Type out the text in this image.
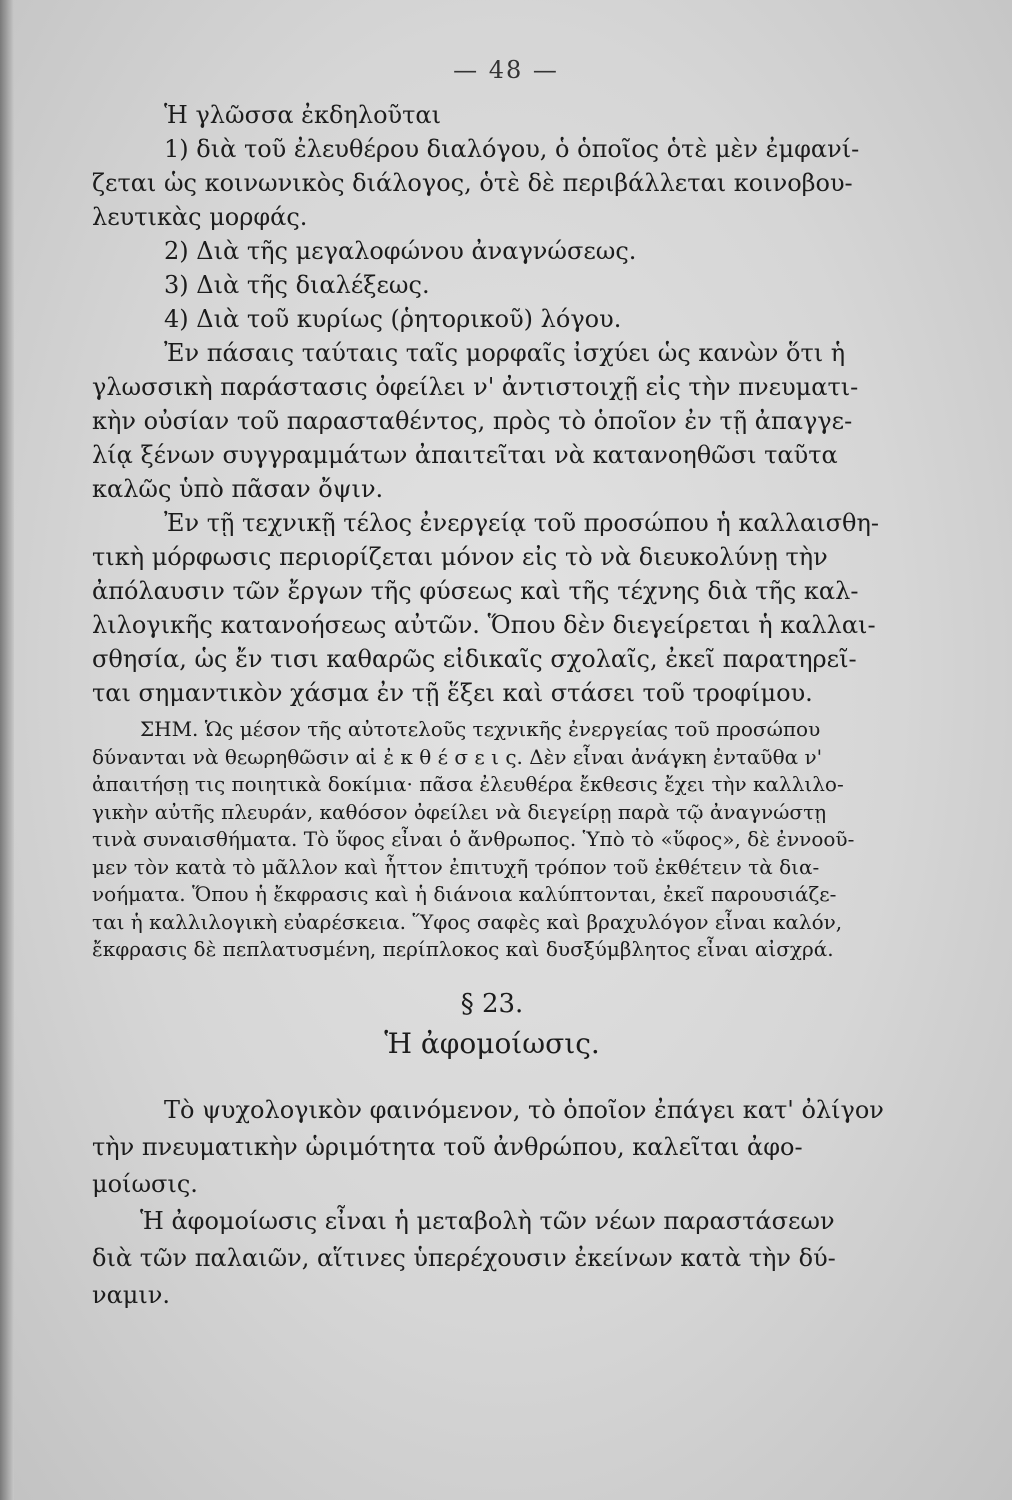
— 48 —
Ἡ γλῶσσα ἐκδηλοῦται
1) διὰ τοῦ ἐλευθέρου διαλόγου, ὁ ὁποῖος ὁτὲ μὲν ἐμφανί-
ζεται ὡς κοινωνικὸς διάλογος, ὁτὲ δὲ περιβάλλεται κοινοβου-
λευτικὰς μορφάς.
2) Διὰ τῆς μεγαλοφώνου ἀναγνώσεως.
3) Διὰ τῆς διαλέξεως.
4) Διὰ τοῦ κυρίως (ῥητορικοῦ) λόγου.
Ἐν πάσαις ταύταις ταῖς μορφαῖς ἰσχύει ὡς κανὼν ὅτι ἡ
γλωσσικὴ παράστασις ὀφείλει ν' ἀντιστοιχῇ εἰς τὴν πνευματι-
κὴν οὐσίαν τοῦ παρασταθέντος, πρὸς τὸ ὁποῖον ἐν τῇ ἀπαγγε-
λίᾳ ξένων συγγραμμάτων ἀπαιτεῖται νὰ κατανοηθῶσι ταῦτα
καλῶς ὑπὸ πᾶσαν ὄψιν.
Ἐν τῇ τεχνικῇ τέλος ἐνεργείᾳ τοῦ προσώπου ἡ καλλαισθη-
τικὴ μόρφωσις περιορίζεται μόνον εἰς τὸ νὰ διευκολύνῃ τὴν
ἀπόλαυσιν τῶν ἔργων τῆς φύσεως καὶ τῆς τέχνης διὰ τῆς καλ-
λιλογικῆς κατανοήσεως αὐτῶν. Ὅπου δὲν διεγείρεται ἡ καλλαι-
σθησία, ὡς ἔν τισι καθαρῶς εἰδικαῖς σχολαῖς, ἐκεῖ παρατηρεῖ-
ται σημαντικὸν χάσμα ἐν τῇ ἕξει καὶ στάσει τοῦ τροφίμου.
ΣΗΜ. Ὡς μέσον τῆς αὐτοτελοῦς τεχνικῆς ἐνεργείας τοῦ προσώπου
δύνανται νὰ θεωρηθῶσιν αἱ ἐ κ θ έ σ ε ι ς. Δὲν εἶναι ἀνάγκη ἐνταῦθα ν'
ἀπαιτήσῃ τις ποιητικὰ δοκίμια· πᾶσα ἐλευθέρα ἔκθεσις ἔχει τὴν καλλιλο-
γικὴν αὐτῆς πλευράν, καθόσον ὀφείλει νὰ διεγείρῃ παρὰ τῷ ἀναγνώστῃ
τινὰ συναισθήματα. Τὸ ὕφος εἶναι ὁ ἄνθρωπος. Ὑπὸ τὸ «ὕφος», δὲ ἐννοοῦ-
μεν τὸν κατὰ τὸ μᾶλλον καὶ ἧττον ἐπιτυχῆ τρόπον τοῦ ἐκθέτειν τὰ δια-
νοήματα. Ὅπου ἡ ἔκφρασις καὶ ἡ διάνοια καλύπτονται, ἐκεῖ παρουσιάζε-
ται ἡ καλλιλογικὴ εὐαρέσκεια. Ὕφος σαφὲς καὶ βραχυλόγον εἶναι καλόν,
ἔκφρασις δὲ πεπλατυσμένη, περίπλοκος καὶ δυσξύμβλητος εἶναι αἰσχρά.
§ 23.
Ἡ ἀφομοίωσις.
Τὸ ψυχολογικὸν φαινόμενον, τὸ ὁποῖον ἐπάγει κατ' ὀλίγον
τὴν πνευματικὴν ὡριμότητα τοῦ ἀνθρώπου, καλεῖται ἀφο-
μοίωσις.
Ἡ ἀφομοίωσις εἶναι ἡ μεταβολὴ τῶν νέων παραστάσεων
διὰ τῶν παλαιῶν, αἵτινες ὑπερέχουσιν ἐκείνων κατὰ τὴν δύ-
ναμιν.
